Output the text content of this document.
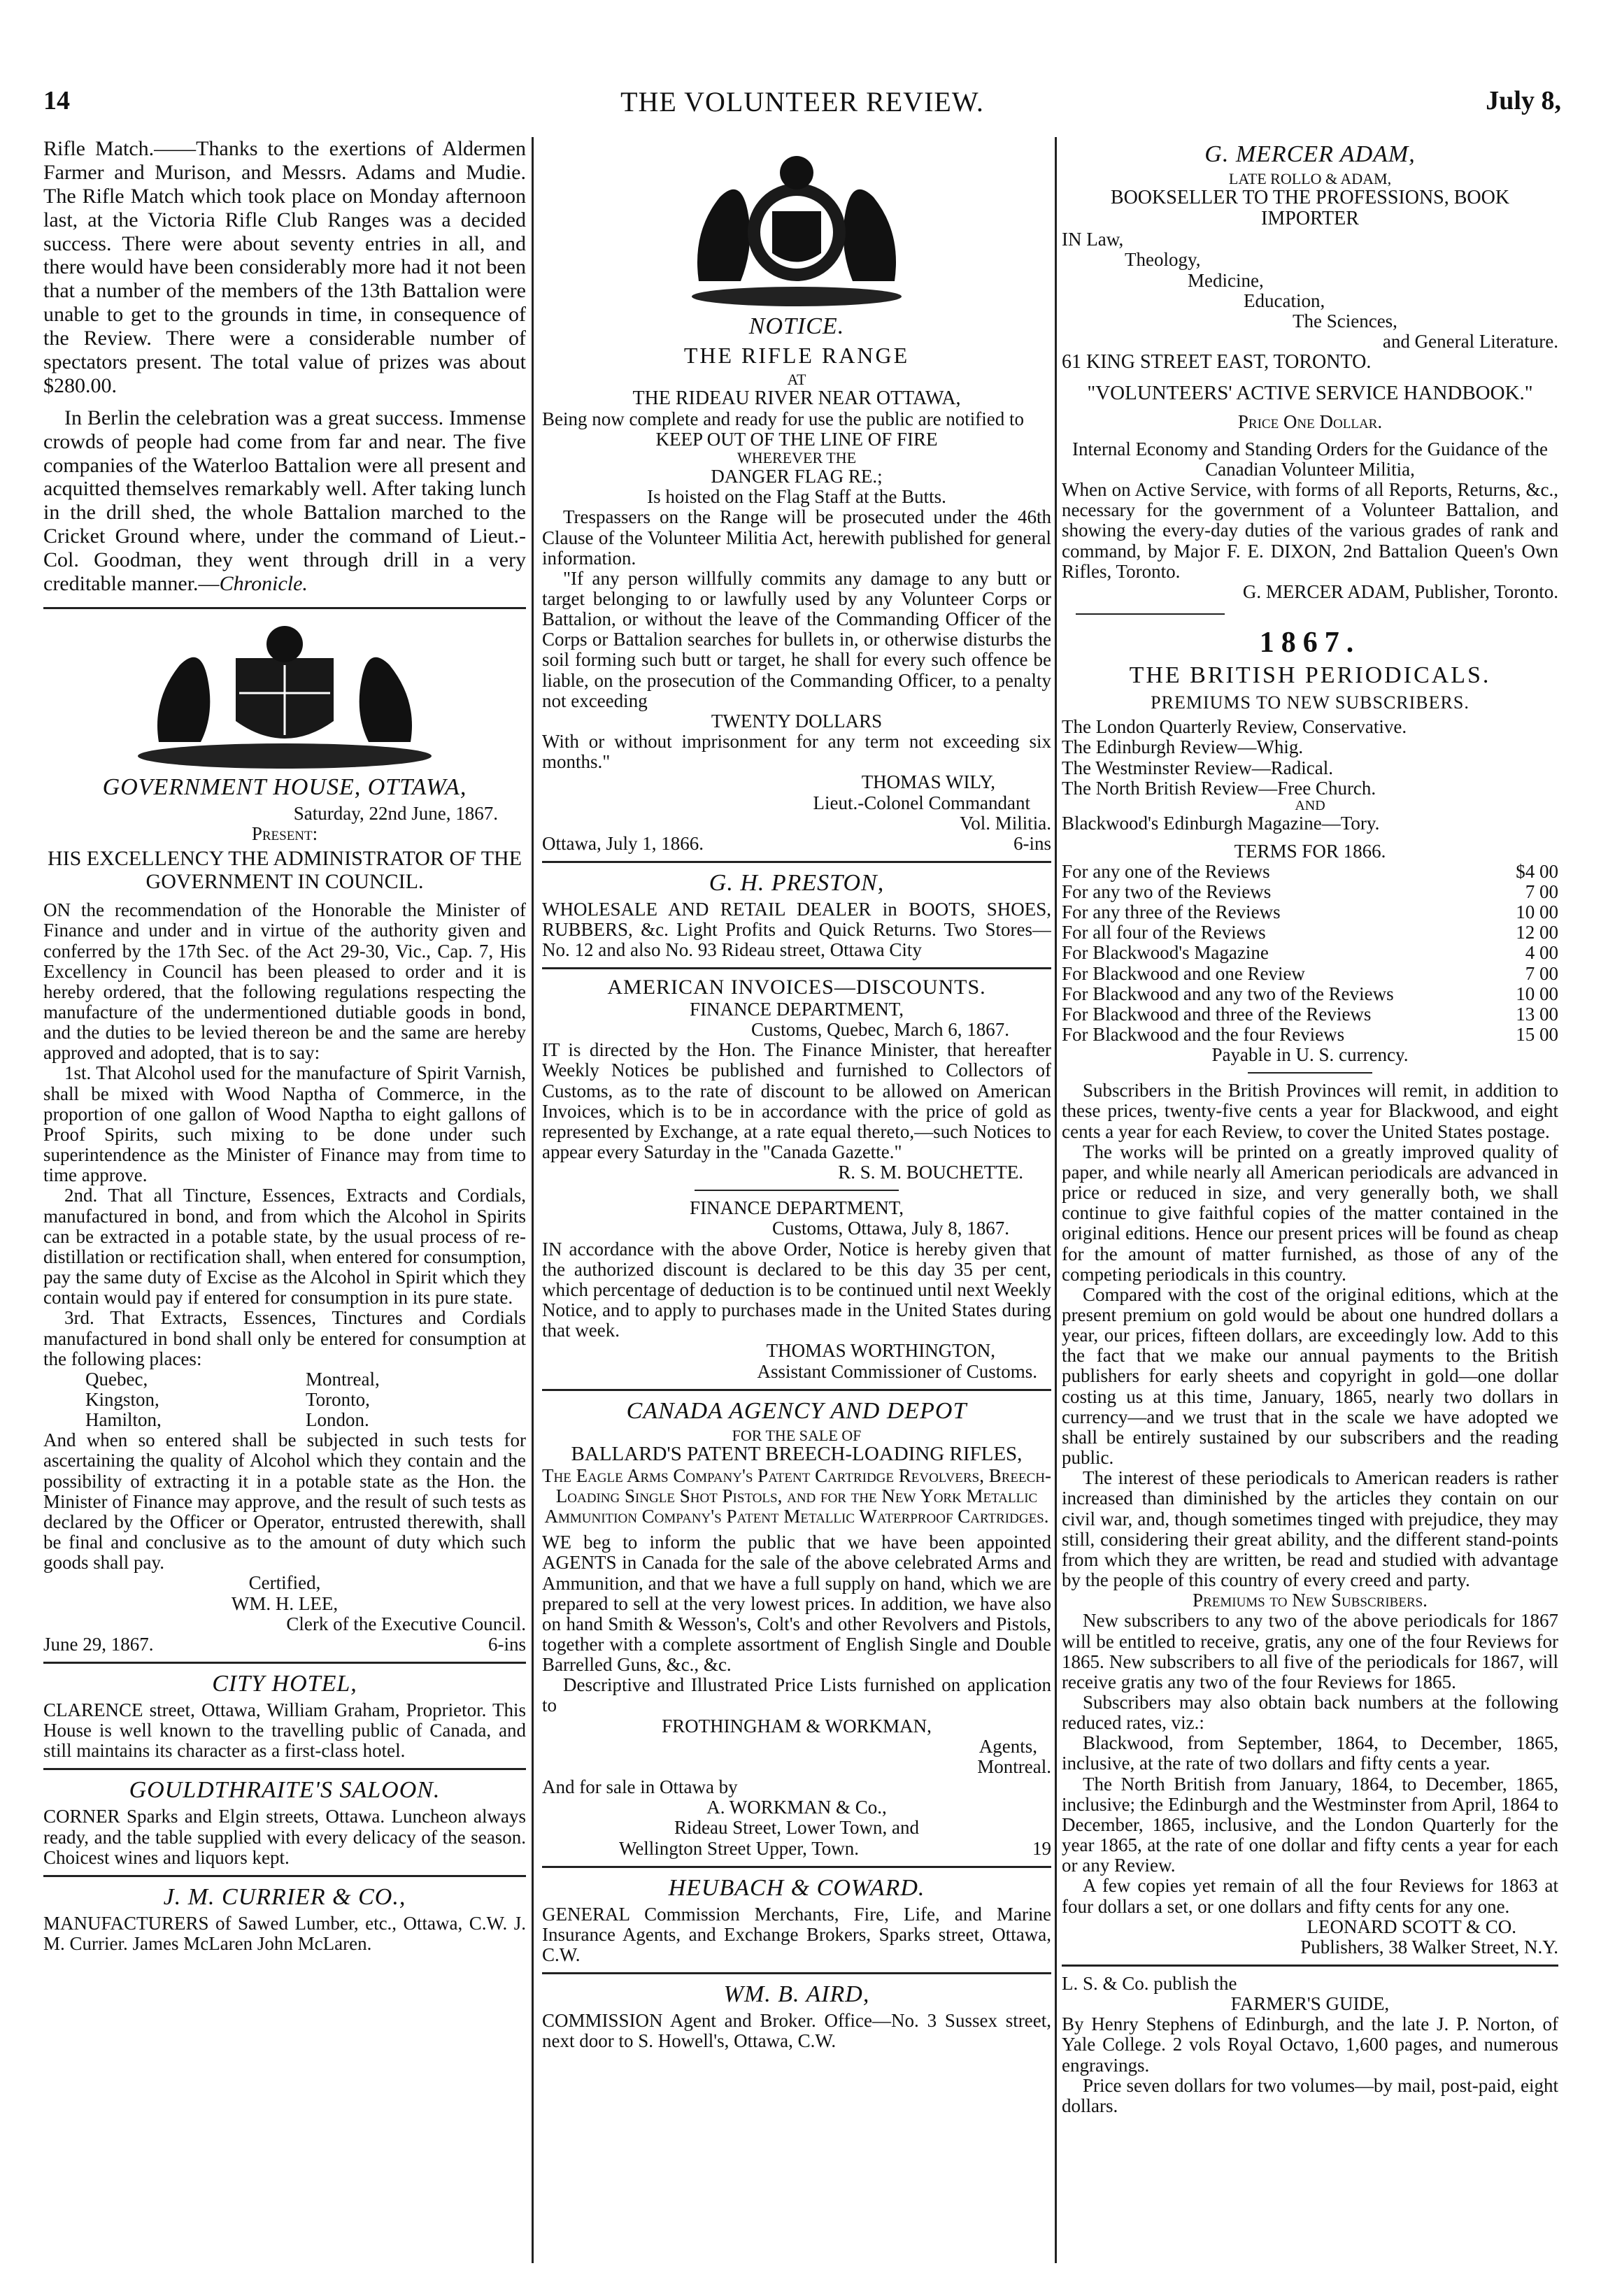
14	THE VOLUNTEER REVIEW.	July 8,

Rifle Match.——Thanks to the exertions of Aldermen Farmer and Murison, and Messrs. Adams and Mudie. The Rifle Match which took place on Monday afternoon last, at the Victoria Rifle Club Ranges was a decided success. There were about seventy entries in all, and there would have been considerably more had it not been that a number of the members of the 13th Battalion were unable to get to the grounds in time, in consequence of the Review. There were a considerable number of spectators present. The total value of prizes was about $280.00.

In Berlin the celebration was a great success. Immense crowds of people had come from far and near. The five companies of the Waterloo Battalion were all present and acquitted themselves remarkably well. After taking lunch in the drill shed, the whole Battalion marched to the Cricket Ground where, under the command of Lieut.-Col. Goodman, they went through drill in a very creditable manner.—Chronicle.

GOVERNMENT HOUSE, OTTAWA,

Saturday, 22nd June, 1867.

Present:

HIS EXCELLENCY THE ADMINISTRATOR OF THE GOVERNMENT IN COUNCIL.

ON the recommendation of the Honorable the Minister of Finance and under and in virtue of the authority given and conferred by the 17th Sec. of the Act 29-30, Vic., Cap. 7, His Excellency in Council has been pleased to order and it is hereby ordered, that the following regulations respecting the manufacture of the undermentioned dutiable goods in bond, and the duties to be levied thereon be and the same are hereby approved and adopted, that is to say:

1st. That Alcohol used for the manufacture of Spirit Varnish, shall be mixed with Wood Naptha of Commerce, in the proportion of one gallon of Wood Naptha to eight gallons of Proof Spirits, such mixing to be done under such superintendence as the Minister of Finance may from time to time approve.

2nd. That all Tincture, Essences, Extracts and Cordials, manufactured in bond, and from which the Alcohol in Spirits can be extracted in a potable state, by the usual process of re-distillation or rectification shall, when entered for consumption, pay the same duty of Excise as the Alcohol in Spirit which they contain would pay if entered for consumption in its pure state.

3rd. That Extracts, Essences, Tinctures and Cordials manufactured in bond shall only be entered for consumption at the following places:

Quebec,	Montreal,
Kingston,	Toronto,
Hamilton,	London.

And when so entered shall be subjected in such tests for ascertaining the quality of Alcohol which they contain and the possibility of extracting it in a potable state as the Hon. the Minister of Finance may approve, and the result of such tests as declared by the Officer or Operator, entrusted therewith, shall be final and conclusive as to the amount of duty which such goods shall pay.

Certified,

WM. H. LEE,

Clerk of the Executive Council.

June 29, 1867.	6-ins

CITY HOTEL,

CLARENCE street, Ottawa, William Graham, Proprietor. This House is well known to the travelling public of Canada, and still maintains its character as a first-class hotel.

GOULDTHRAITE'S SALOON.

CORNER Sparks and Elgin streets, Ottawa. Luncheon always ready, and the table supplied with every delicacy of the season. Choicest wines and liquors kept.

J. M. CURRIER & CO.,

MANUFACTURERS of Sawed Lumber, etc., Ottawa, C.W. J. M. Currier. James McLaren John McLaren.

NOTICE.

THE RIFLE RANGE

AT

THE RIDEAU RIVER NEAR OTTAWA,

Being now complete and ready for use the public are notified to

KEEP OUT OF THE LINE OF FIRE

WHEREVER THE

DANGER FLAG RE.;

Is hoisted on the Flag Staff at the Butts.

Trespassers on the Range will be prosecuted under the 46th Clause of the Volunteer Militia Act, herewith published for general information.

"If any person willfully commits any damage to any butt or target belonging to or lawfully used by any Volunteer Corps or Battalion, or without the leave of the Commanding Officer of the Corps or Battalion searches for bullets in, or otherwise disturbs the soil forming such butt or target, he shall for every such offence be liable, on the prosecution of the Commanding Officer, to a penalty not exceeding

TWENTY DOLLARS

With or without imprisonment for any term not exceeding six months."

THOMAS WILY,

Lieut.-Colonel Commandant

Vol. Militia.

Ottawa, July 1, 1866.	6-ins

G. H. PRESTON,

WHOLESALE AND RETAIL DEALER in BOOTS, SHOES, RUBBERS, &c. Light Profits and Quick Returns. Two Stores—No. 12 and also No. 93 Rideau street, Ottawa City

AMERICAN INVOICES—DISCOUNTS.

FINANCE DEPARTMENT,

Customs, Quebec, March 6, 1867.

IT is directed by the Hon. The Finance Minister, that hereafter Weekly Notices be published and furnished to Collectors of Customs, as to the rate of discount to be allowed on American Invoices, which is to be in accordance with the price of gold as represented by Exchange, at a rate equal thereto,—such Notices to appear every Saturday in the "Canada Gazette."

R. S. M. BOUCHETTE.

FINANCE DEPARTMENT,

Customs, Ottawa, July 8, 1867.

IN accordance with the above Order, Notice is hereby given that the authorized discount is declared to be this day 35 per cent, which percentage of deduction is to be continued until next Weekly Notice, and to apply to purchases made in the United States during that week.

THOMAS WORTHINGTON,

Assistant Commissioner of Customs.

CANADA AGENCY AND DEPOT

FOR THE SALE OF

BALLARD'S PATENT BREECH-LOADING RIFLES,

The Eagle Arms Company's Patent Cartridge Revolvers, Breech-Loading Single Shot Pistols, and for the New York Metallic Ammunition Company's Patent Metallic Waterproof Cartridges.

WE beg to inform the public that we have been appointed AGENTS in Canada for the sale of the above celebrated Arms and Ammunition, and that we have a full supply on hand, which we are prepared to sell at the very lowest prices. In addition, we have also on hand Smith & Wesson's, Colt's and other Revolvers and Pistols, together with a complete assortment of English Single and Double Barrelled Guns, &c., &c.

Descriptive and Illustrated Price Lists furnished on application to

FROTHINGHAM & WORKMAN,

Agents,

Montreal.

And for sale in Ottawa by

A. WORKMAN & Co.,

Rideau Street, Lower Town, and

Wellington Street Upper, Town.	19

HEUBACH & COWARD.

GENERAL Commission Merchants, Fire, Life, and Marine Insurance Agents, and Exchange Brokers, Sparks street, Ottawa, C.W.

WM. B. AIRD,

COMMISSION Agent and Broker. Office—No. 3 Sussex street, next door to S. Howell's, Ottawa, C.W.

G. MERCER ADAM,

LATE ROLLO & ADAM,

BOOKSELLER TO THE PROFESSIONS, BOOK IMPORTER

IN Law,

Theology,

Medicine,

Education,

The Sciences,

and General Literature.

61 KING STREET EAST, TORONTO.

"VOLUNTEERS' ACTIVE SERVICE HANDBOOK."

Price One Dollar.

Internal Economy and Standing Orders for the Guidance of the Canadian Volunteer Militia,

When on Active Service, with forms of all Reports, Returns, &c., necessary for the government of a Volunteer Battalion, and showing the every-day duties of the various grades of rank and command, by Major F. E. DIXON, 2nd Battalion Queen's Own Rifles, Toronto.

G. MERCER ADAM, Publisher, Toronto.

1867.

THE BRITISH PERIODICALS.

PREMIUMS TO NEW SUBSCRIBERS.

The London Quarterly Review, Conservative.

The Edinburgh Review—Whig.

The Westminster Review—Radical.

The North British Review—Free Church.

AND

Blackwood's Edinburgh Magazine—Tory.

TERMS FOR 1866.

For any one of the Reviews	$4 00
For any two of the Reviews	7 00
For any three of the Reviews	10 00
For all four of the Reviews	12 00
For Blackwood's Magazine	4 00
For Blackwood and one Review	7 00
For Blackwood and any two of the Reviews	10 00
For Blackwood and three of the Reviews	13 00
For Blackwood and the four Reviews	15 00

Payable in U. S. currency.

Subscribers in the British Provinces will remit, in addition to these prices, twenty-five cents a year for Blackwood, and eight cents a year for each Review, to cover the United States postage.

The works will be printed on a greatly improved quality of paper, and while nearly all American periodicals are advanced in price or reduced in size, and very generally both, we shall continue to give faithful copies of the matter contained in the original editions. Hence our present prices will be found as cheap for the amount of matter furnished, as those of any of the competing periodicals in this country.

Compared with the cost of the original editions, which at the present premium on gold would be about one hundred dollars a year, our prices, fifteen dollars, are exceedingly low. Add to this the fact that we make our annual payments to the British publishers for early sheets and copyright in gold—one dollar costing us at this time, January, 1865, nearly two dollars in currency—and we trust that in the scale we have adopted we shall be entirely sustained by our subscribers and the reading public.

The interest of these periodicals to American readers is rather increased than diminished by the articles they contain on our civil war, and, though sometimes tinged with prejudice, they may still, considering their great ability, and the different stand-points from which they are written, be read and studied with advantage by the people of this country of every creed and party.

Premiums to New Subscribers.

New subscribers to any two of the above periodicals for 1867 will be entitled to receive, gratis, any one of the four Reviews for 1865. New subscribers to all five of the periodicals for 1867, will receive gratis any two of the four Reviews for 1865.

Subscribers may also obtain back numbers at the following reduced rates, viz.:

Blackwood, from September, 1864, to December, 1865, inclusive, at the rate of two dollars and fifty cents a year.

The North British from January, 1864, to December, 1865, inclusive; the Edinburgh and the Westminster from April, 1864 to December, 1865, inclusive, and the London Quarterly for the year 1865, at the rate of one dollar and fifty cents a year for each or any Review.

A few copies yet remain of all the four Reviews for 1863 at four dollars a set, or one dollars and fifty cents for any one.

LEONARD SCOTT & CO.

Publishers, 38 Walker Street, N.Y.

L. S. & Co. publish the

FARMER'S GUIDE,

By Henry Stephens of Edinburgh, and the late J. P. Norton, of Yale College. 2 vols Royal Octavo, 1,600 pages, and numerous engravings.

Price seven dollars for two volumes—by mail, post-paid, eight dollars.
